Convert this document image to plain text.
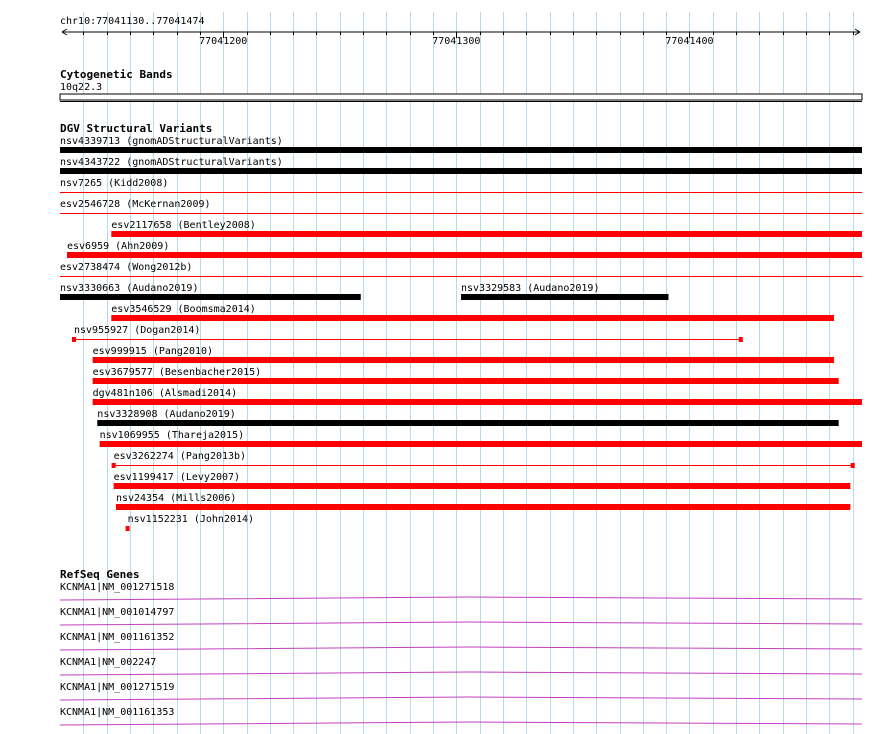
chr10:77041130..77041474
77041200	77041300	77041400
Cytogenetic Bands
10q22.3
DGV Structural Variants
nsv4339713 (gnomADStructuralVariants)
nsv4343722 (gnomADStructuralVariants)
nsv7265 (Kidd2008)
esv2546728 (McKernan2009)
esv2117658 (Bentley2008)
esv6959 (Ahn2009)
esv2738474 (Wong2012b)
nsv3330663 (Audano2019)	nsv3329583 (Audano2019)
esv3546529 (Boomsma2014)
nsv955927 (Dogan2014)
esv999915 (Pang2010)
esv3679577 (Besenbacher2015)
dgv481n106 (Alsmadi2014)
nsv3328908 (Audano2019)
nsv1069955 (Thareja2015)
esv3262274 (Pang2013b)
esv1199417 (Levy2007)
nsv24354 (Mills2006)
nsv1152231 (John2014)
RefSeq Genes
KCNMA1|NM_001271518
KCNMA1|NM_001014797
KCNMA1|NM_001161352
KCNMA1|NM_002247
KCNMA1|NM_001271519
KCNMA1|NM_001161353
